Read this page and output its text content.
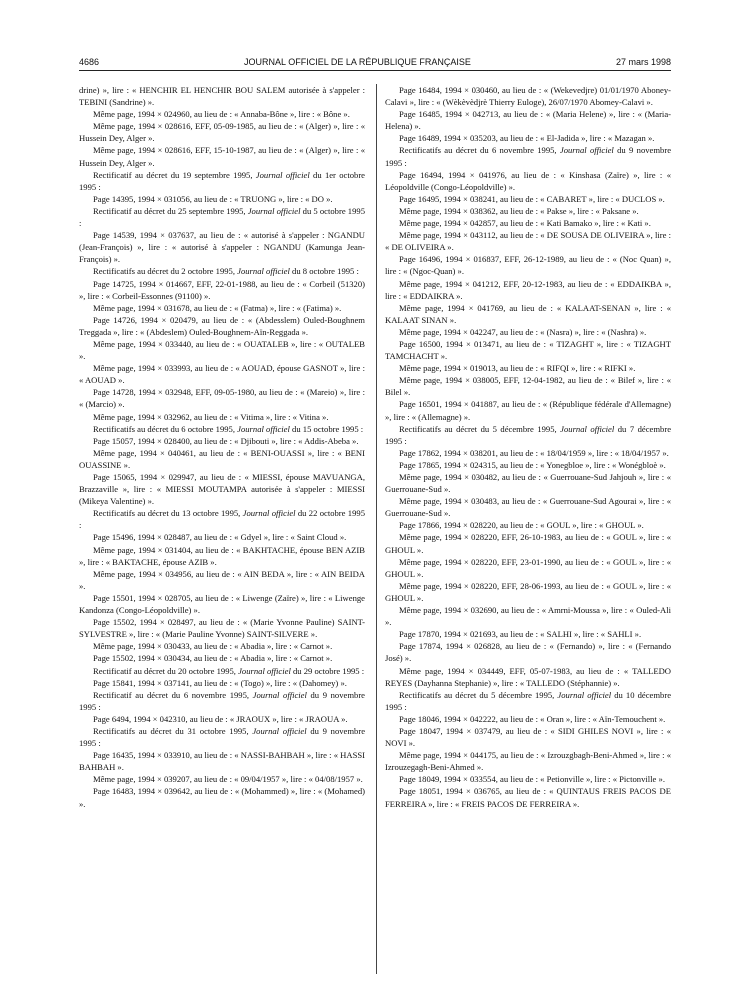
4686	JOURNAL OFFICIEL DE LA RÉPUBLIQUE FRANÇAISE	27 mars 1998

drine) », lire : « HENCHIR EL HENCHIR BOU SALEM autorisée à s'appeler : TEBINI (Sandrine) ».

Même page, 1994 × 024960, au lieu de : « Annaba-Bône », lire : « Bône ».

Même page, 1994 × 028616, EFF, 05-09-1985, au lieu de : « (Alger) », lire : « Hussein Dey, Alger ».

Même page, 1994 × 028616, EFF, 15-10-1987, au lieu de : « (Alger) », lire : « Hussein Dey, Alger ».

Rectificatif au décret du 19 septembre 1995, Journal officiel du 1er octobre 1995 :

Page 14395, 1994 × 031056, au lieu de : « TRUONG », lire : « DO ».

Rectificatif au décret du 25 septembre 1995, Journal officiel du 5 octobre 1995 :

Page 14539, 1994 × 037637, au lieu de : « autorisé à s'appeler : NGANDU (Jean-François) », lire : « autorisé à s'appeler : NGANDU (Kamunga Jean-François) ».

Rectificatifs au décret du 2 octobre 1995, Journal officiel du 8 octobre 1995 :

Page 14725, 1994 × 014667, EFF, 22-01-1988, au lieu de : « Corbeil (51320) », lire : « Corbeil-Essonnes (91100) ».

Même page, 1994 × 031678, au lieu de : « (Fatma) », lire : « (Fatima) ».

Page 14726, 1994 × 020479, au lieu de : « (Abdesslem) Ouled-Boughnem Treggada », lire : « (Abdeslem) Ouled-Boughnem-Aïn-Reggada ».

Même page, 1994 × 033440, au lieu de : « OUATALEB », lire : « OUTALEB ».

Même page, 1994 × 033993, au lieu de : « AOUAD, épouse GASNOT », lire : « AOUAD ».

Page 14728, 1994 × 032948, EFF, 09-05-1980, au lieu de : « (Mareio) », lire : « (Marcio) ».

Même page, 1994 × 032962, au lieu de : « Vitima », lire : « Vitina ».

Rectificatifs au décret du 6 octobre 1995, Journal officiel du 15 octobre 1995 :

Page 15057, 1994 × 028400, au lieu de : « Djibouti », lire : « Addis-Abeba ».

Même page, 1994 × 040461, au lieu de : « BENI-OUASSI », lire : « BENI OUASSINE ».

Page 15065, 1994 × 029947, au lieu de : « MIESSI, épouse MAVUANGA, Brazzaville », lire : « MIESSI MOUTAMPA autorisée à s'appeler : MIESSI (Mikeya Valentine) ».

Rectificatifs au décret du 13 octobre 1995, Journal officiel du 22 octobre 1995 :

Page 15496, 1994 × 028487, au lieu de : « Gdyel », lire : « Saint Cloud ».

Même page, 1994 × 031404, au lieu de : « BAKHTACHE, épouse BEN AZIB », lire : « BAKTACHE, épouse AZIB ».

Même page, 1994 × 034956, au lieu de : « AIN BEDA », lire : « AIN BEIDA ».

Page 15501, 1994 × 028705, au lieu de : « Liwenge (Zaïre) », lire : « Liwenge Kandonza (Congo-Léopoldville) ».

Page 15502, 1994 × 028497, au lieu de : « (Marie Yvonne Pauline) SAINT-SYLVESTRE », lire : « (Marie Pauline Yvonne) SAINT-SILVERE ».

Même page, 1994 × 030433, au lieu de : « Abadia », lire : « Carnot ».

Page 15502, 1994 × 030434, au lieu de : « Abadia », lire : « Carnot ».

Rectificatif au décret du 20 octobre 1995, Journal officiel du 29 octobre 1995 :

Page 15841, 1994 × 037141, au lieu de : « (Togo) », lire : « (Dahomey) ».

Rectificatif au décret du 6 novembre 1995, Journal officiel du 9 novembre 1995 :

Page 6494, 1994 × 042310, au lieu de : « JRAOUX », lire : « JRAOUA ».

Rectificatifs au décret du 31 octobre 1995, Journal officiel du 9 novembre 1995 :

Page 16435, 1994 × 033910, au lieu de : « NASSI-BAHBAH », lire : « HASSI BAHBAH ».

Même page, 1994 × 039207, au lieu de : « 09/04/1957 », lire : « 04/08/1957 ».

Page 16483, 1994 × 039642, au lieu de : « (Mohammed) », lire : « (Mohamed) ».

Page 16484, 1994 × 030460, au lieu de : « (Wekevedjre) 01/01/1970 Aboney-Calavi », lire : « (Wèkèvèdjrè Thierry Euloge), 26/07/1970 Abomey-Calavi ».

Page 16485, 1994 × 042713, au lieu de : « (Maria Helene) », lire : « (Maria-Helena) ».

Page 16489, 1994 × 035203, au lieu de : « El-Jadida », lire : « Mazagan ».

Rectificatifs au décret du 6 novembre 1995, Journal officiel du 9 novembre 1995 :

Page 16494, 1994 × 041976, au lieu de : « Kinshasa (Zaïre) », lire : « Léopoldville (Congo-Léopoldville) ».

Page 16495, 1994 × 038241, au lieu de : « CABARET », lire : « DUCLOS ».

Même page, 1994 × 038362, au lieu de : « Pakse », lire : « Paksane ».

Même page, 1994 × 042857, au lieu de : « Kati Bamako », lire : « Kati ».

Même page, 1994 × 043112, au lieu de : « DE SOUSA DE OLIVEIRA », lire : « DE OLIVEIRA ».

Page 16496, 1994 × 016837, EFF, 26-12-1989, au lieu de : « (Noc Quan) », lire : « (Ngoc-Quan) ».

Même page, 1994 × 041212, EFF, 20-12-1983, au lieu de : « EDDAIKBA », lire : « EDDAIKRA ».

Même page, 1994 × 041769, au lieu de : « KALAAT-SENAN », lire : « KALAAT SINAN ».

Même page, 1994 × 042247, au lieu de : « (Nasra) », lire : « (Nashra) ».

Page 16500, 1994 × 013471, au lieu de : « TIZAGHT », lire : « TIZAGHT TAMCHACHT ».

Même page, 1994 × 019013, au lieu de : « RIFQI », lire : « RIFKI ».

Même page, 1994 × 038005, EFF, 12-04-1982, au lieu de : « Bilef », lire : « Bilel ».

Page 16501, 1994 × 041887, au lieu de : « (République fédérale d'Allemagne) », lire : « (Allemagne) ».

Rectificatifs au décret du 5 décembre 1995, Journal officiel du 7 décembre 1995 :

Page 17862, 1994 × 038201, au lieu de : « 18/04/1959 », lire : « 18/04/1957 ».

Page 17865, 1994 × 024315, au lieu de : « Yonegbloe », lire : « Wonégbloè ».

Même page, 1994 × 030482, au lieu de : « Guerrouane-Sud Jahjouh », lire : « Guerrouane-Sud ».

Même page, 1994 × 030483, au lieu de : « Guerrouane-Sud Agourai », lire : « Guerrouane-Sud ».

Page 17866, 1994 × 028220, au lieu de : « GOUL », lire : « GHOUL ».

Même page, 1994 × 028220, EFF, 26-10-1983, au lieu de : « GOUL », lire : « GHOUL ».

Même page, 1994 × 028220, EFF, 23-01-1990, au lieu de : « GOUL », lire : « GHOUL ».

Même page, 1994 × 028220, EFF, 28-06-1993, au lieu de : « GOUL », lire : « GHOUL ».

Même page, 1994 × 032690, au lieu de : « Amrni-Moussa », lire : « Ouled-Ali ».

Page 17870, 1994 × 021693, au lieu de : « SALHI », lire : « SAHLI ».

Page 17874, 1994 × 026828, au lieu de : « (Fernando) », lire : « (Fernando José) ».

Même page, 1994 × 034449, EFF, 05-07-1983, au lieu de : « TALLEDO REYES (Dayhanna Stephanie) », lire : « TALLEDO (Stéphannie) ».

Rectificatifs au décret du 5 décembre 1995, Journal officiel du 10 décembre 1995 :

Page 18046, 1994 × 042222, au lieu de : « Oran », lire : « Aïn-Temouchent ».

Page 18047, 1994 × 037479, au lieu de : « SIDI GHILES NOVI », lire : « NOVI ».

Même page, 1994 × 044175, au lieu de : « Izrouzgbagh-Beni-Ahmed », lire : « Izrouzegagh-Beni-Ahmed ».

Page 18049, 1994 × 033554, au lieu de : « Petionville », lire : « Pictonville ».

Page 18051, 1994 × 036765, au lieu de : « QUINTAUS FREIS PACOS DE FERREIRA », lire : « FREIS PACOS DE FERREIRA ».
